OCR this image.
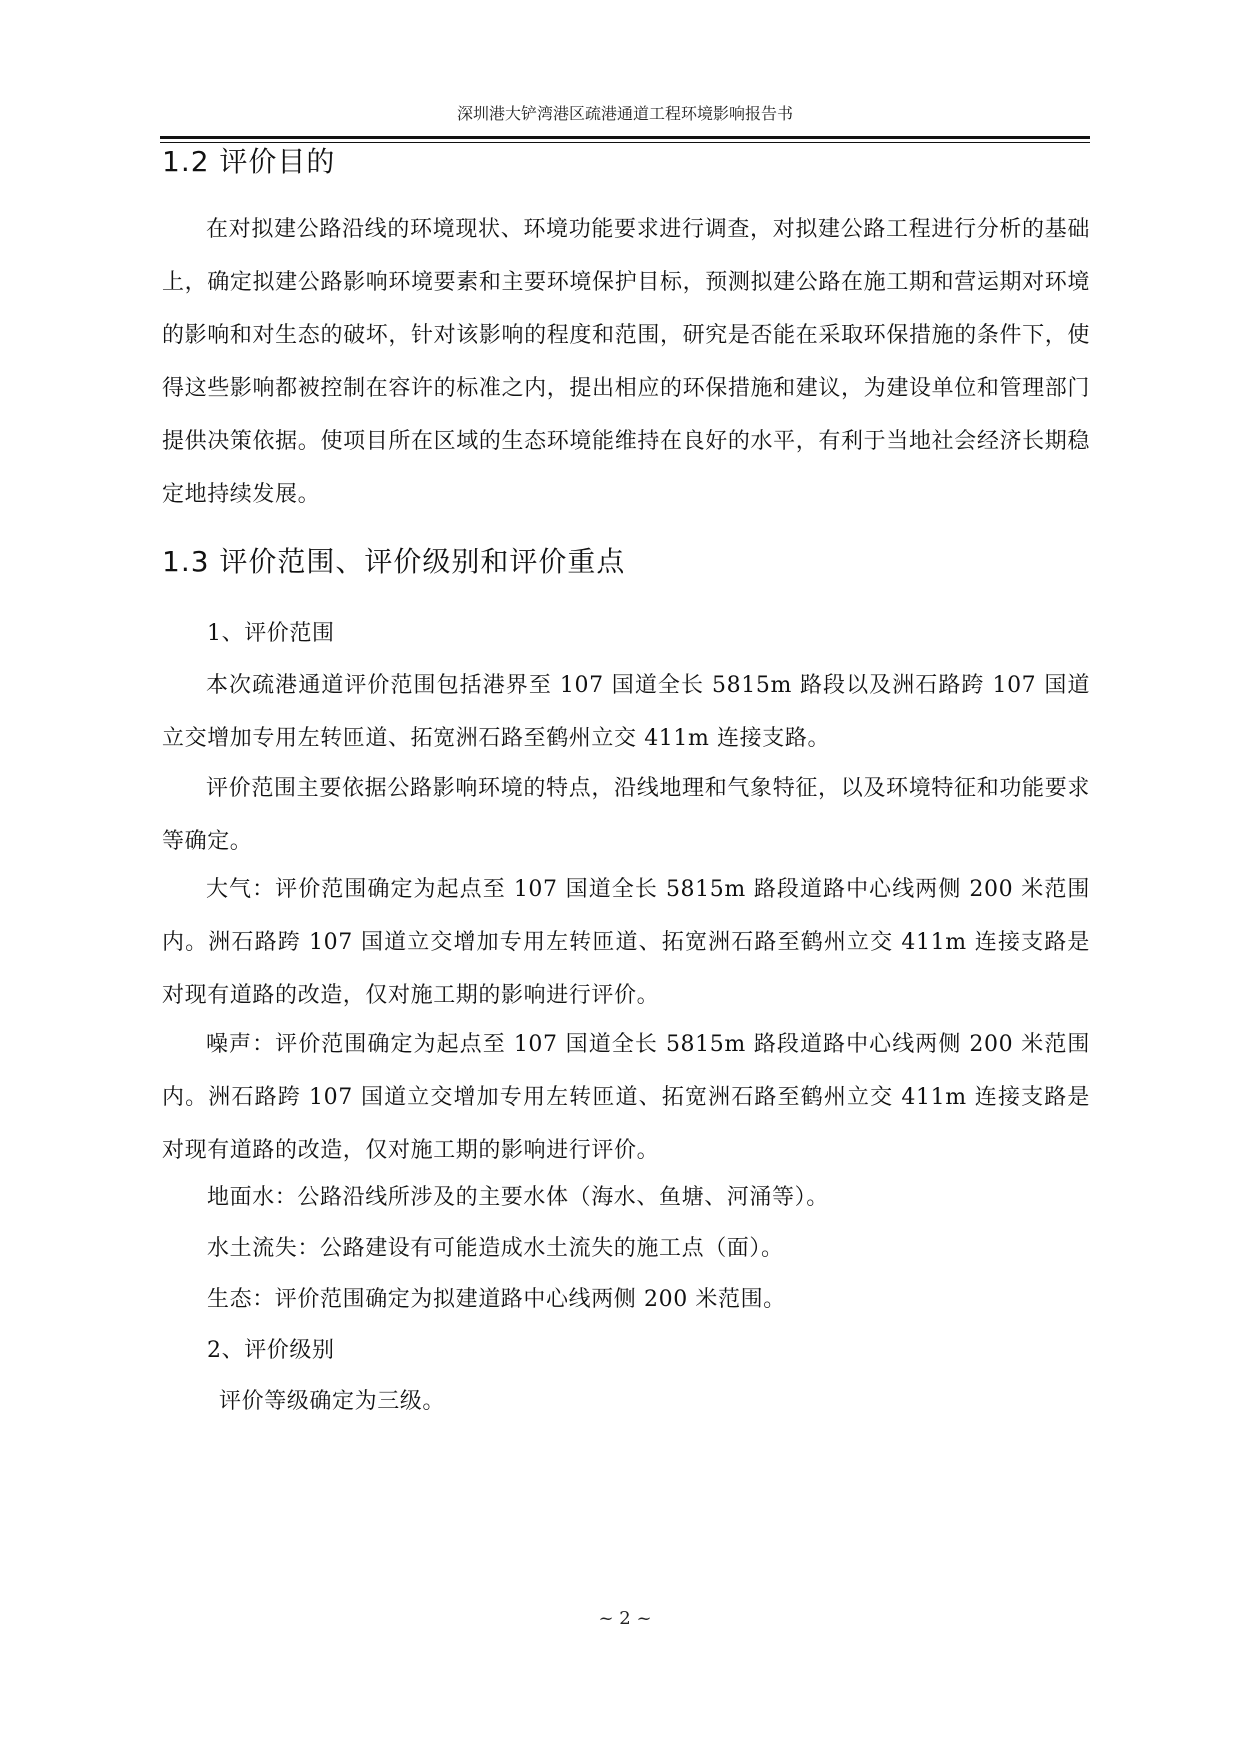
深圳港大铲湾港区疏港通道工程环境影响报告书
1.2 评价目的

在对拟建公路沿线的环境现状、环境功能要求进行调查，对拟建公路工程进行分析的基础上，确定拟建公路影响环境要素和主要环境保护目标，预测拟建公路在施工期和营运期对环境的影响和对生态的破坏，针对该影响的程度和范围，研究是否能在采取环保措施的条件下，使得这些影响都被控制在容许的标准之内，提出相应的环保措施和建议，为建设单位和管理部门提供决策依据。使项目所在区域的生态环境能维持在良好的水平，有利于当地社会经济长期稳定地持续发展。

1.3 评价范围、评价级别和评价重点
1、评价范围

本次疏港通道评价范围包括港界至 107 国道全长 5815m 路段以及洲石路跨 107 国道立交增加专用左转匝道、拓宽洲石路至鹤州立交 411m 连接支路。

评价范围主要依据公路影响环境的特点，沿线地理和气象特征，以及环境特征和功能要求等确定。

大气：评价范围确定为起点至 107 国道全长 5815m 路段道路中心线两侧 200 米范围内。洲石路跨 107 国道立交增加专用左转匝道、拓宽洲石路至鹤州立交 411m 连接支路是对现有道路的改造，仅对施工期的影响进行评价。

噪声：评价范围确定为起点至 107 国道全长 5815m 路段道路中心线两侧 200 米范围内。洲石路跨 107 国道立交增加专用左转匝道、拓宽洲石路至鹤州立交 411m 连接支路是对现有道路的改造，仅对施工期的影响进行评价。

地面水：公路沿线所涉及的主要水体（海水、鱼塘、河涌等）。
水土流失：公路建设有可能造成水土流失的施工点（面）。
生态：评价范围确定为拟建道路中心线两侧 200 米范围。
2、评价级别
评价等级确定为三级。
~ 2 ~
